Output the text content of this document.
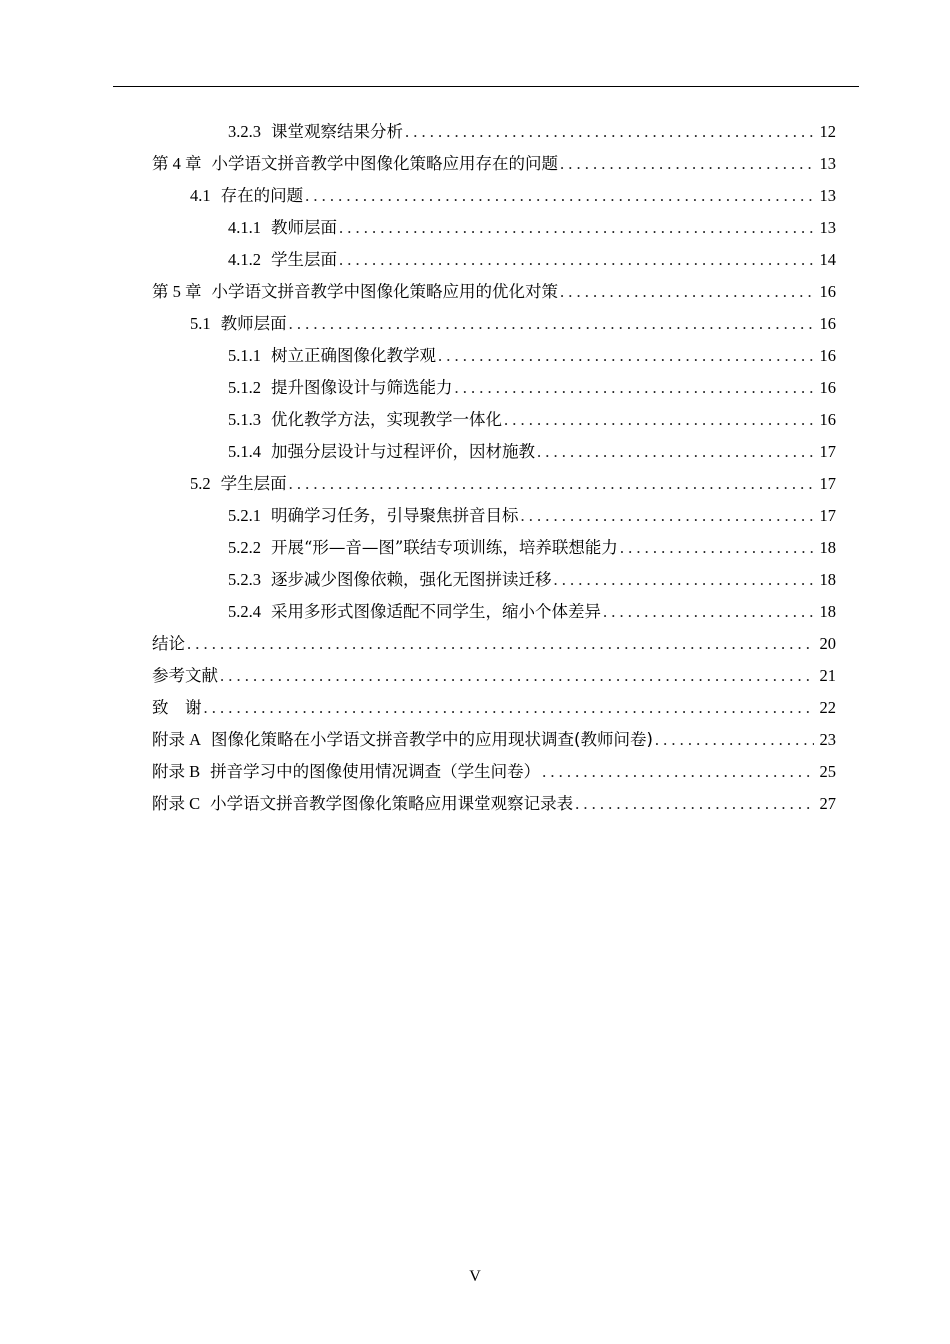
3.2.3 课堂观察结果分析 . . .	12
第 4 章 小学语文拼音教学中图像化策略应用存在的问题 . . .	13
4.1 存在的问题 . . .	13
4.1.1 教师层面 . . .	13
4.1.2 学生层面 . . .	14
第 5 章 小学语文拼音教学中图像化策略应用的优化对策 . . .	16
5.1 教师层面 . . .	16
5.1.1 树立正确图像化教学观 . . .	16
5.1.2 提升图像设计与筛选能力 . . .	16
5.1.3 优化教学方法，实现教学一体化 . . .	16
5.1.4 加强分层设计与过程评价，因材施教 . . .	17
5.2 学生层面 . . .	17
5.2.1 明确学习任务，引导聚焦拼音目标 . . .	17
5.2.2 开展“形—音—图”联结专项训练，培养联想能力 . . .	18
5.2.3 逐步减少图像依赖，强化无图拼读迁移 . . .	18
5.2.4 采用多形式图像适配不同学生，缩小个体差异 . . .	18
结论 . . .	20
参考文献 . . .	21
致　谢 . . .	22
附录 A 图像化策略在小学语文拼音教学中的应用现状调查(教师问卷) . . .	23
附录 B 拼音学习中的图像使用情况调查（学生问卷） . . .	25
附录 C 小学语文拼音教学图像化策略应用课堂观察记录表 . . .	27
V
